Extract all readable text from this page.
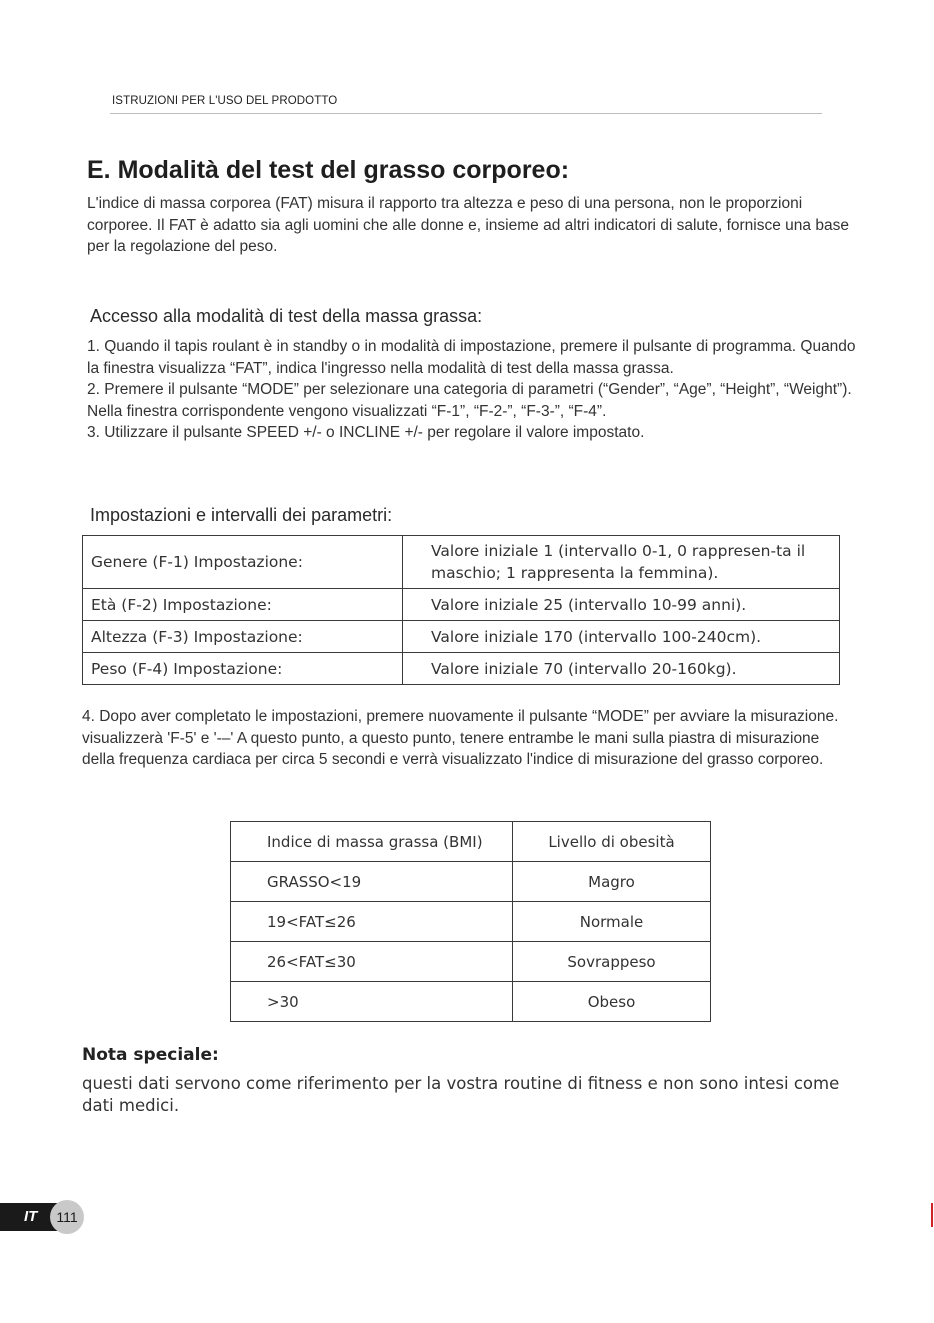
ISTRUZIONI PER L'USO DEL PRODOTTO
E. Modalità del test del grasso corporeo:
L'indice di massa corporea (FAT) misura il rapporto tra altezza e peso di una persona, non le proporzioni corporee. Il FAT è adatto sia agli uomini che alle donne e, insieme ad altri indicatori di salute, fornisce una base per la regolazione del peso.
Accesso alla modalità di test della massa grassa:
1. Quando il tapis roulant è in standby o in modalità di impostazione, premere il pulsante di programma. Quando la finestra visualizza “FAT”, indica l'ingresso nella modalità di test della massa grassa.
2. Premere il pulsante “MODE” per selezionare una categoria di parametri (“Gender”, “Age”, “Height”, “Weight”). Nella finestra corrispondente vengono visualizzati “F-1”, “F-2-”, “F-3-”, “F-4”.
3. Utilizzare il pulsante SPEED +/- o INCLINE +/- per regolare il valore impostato.
Impostazioni e intervalli dei parametri:
Genere (F-1) Impostazione:	Valore iniziale 1 (intervallo 0-1, 0 rappresen-ta il maschio; 1 rappresenta la femmina).
Età (F-2) Impostazione:	Valore iniziale 25 (intervallo 10-99 anni).
Altezza (F-3) Impostazione:	Valore iniziale 170 (intervallo 100-240cm).
Peso (F-4) Impostazione:	Valore iniziale 70 (intervallo 20-160kg).
4. Dopo aver completato le impostazioni, premere nuovamente il pulsante “MODE” per avviare la misurazione. visualizzerà 'F-5' e '-–' A questo punto, a questo punto, tenere entrambe le mani sulla piastra di misurazione della frequenza cardiaca per circa 5 secondi e verrà visualizzato l'indice di misurazione del grasso corporeo.
Indice di massa grassa (BMI)	Livello di obesità
GRASSO<19	Magro
19<FAT≤26	Normale
26<FAT≤30	Sovrappeso
>30	Obeso
Nota speciale:
questi dati servono come riferimento per la vostra routine di fitness e non sono intesi come dati medici.
IT	111
